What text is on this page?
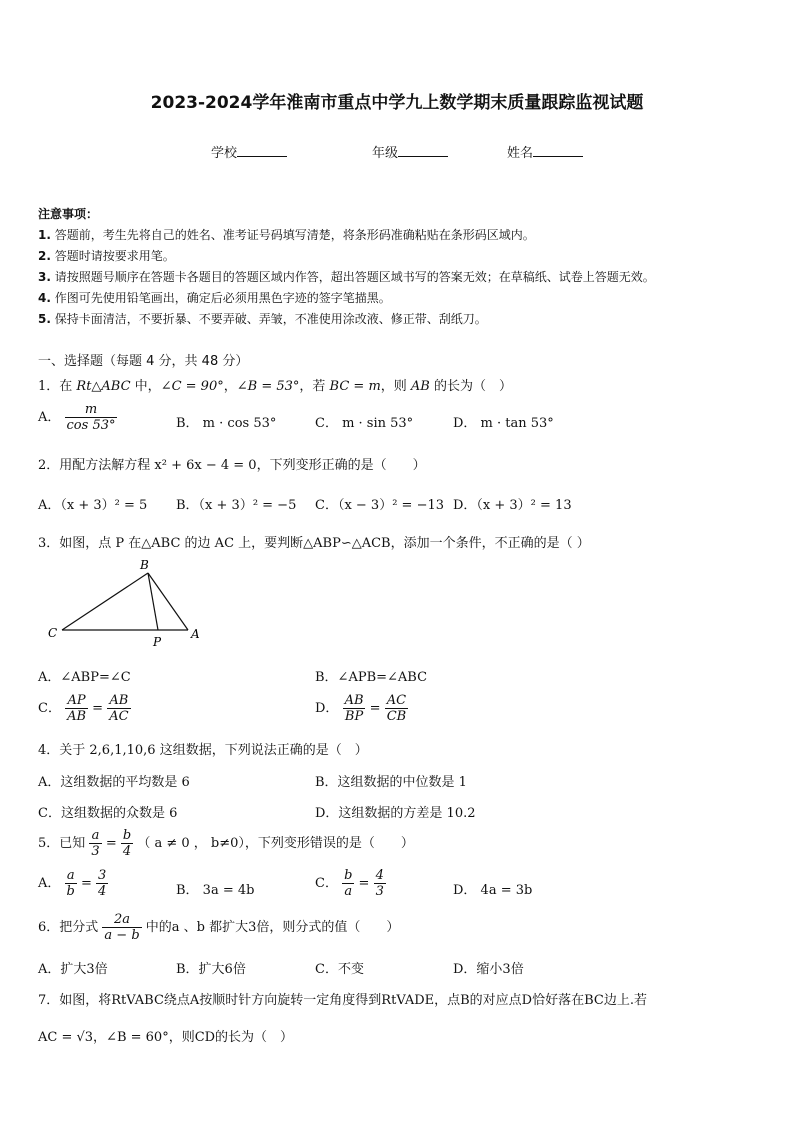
2023-2024学年淮南市重点中学九上数学期末质量跟踪监视试题
学校	年级	姓名
注意事项：
1. 答题前，考生先将自己的姓名、准考证号码填写清楚，将条形码准确粘贴在条形码区域内。
2. 答题时请按要求用笔。
3. 请按照题号顺序在答题卡各题目的答题区域内作答，超出答题区域书写的答案无效；在草稿纸、试卷上答题无效。
4. 作图可先使用铅笔画出，确定后必须用黑色字迹的签字笔描黑。
5. 保持卡面清洁，不要折暴、不要弄破、弄皱，不准使用涂改液、修正带、刮纸刀。
一、选择题（每题 4 分，共 48 分）
1．在 Rt△ABC 中，∠C = 90°，∠B = 53°，若 BC = m，则 AB 的长为（　）
A． $\frac{m}{\cos 53^\circ}$	B． m · cos 53°	C． m · sin 53°	D． m · tan 53°
2．用配方法解方程 x² + 6x − 4 = 0，下列变形正确的是（　　）
A．（x + 3）² = 5 B．（x + 3）² = −5 C．（x − 3）² = −13 D．（x + 3）² = 13
3．如图，点 P 在△ABC 的边 AC 上，要判断△ABP∽△ACB，添加一个条件，不正确的是（ ）
B
C
P
A
A．∠ABP=∠C	B．∠APB=∠ABC
C． $\frac{AP}{AB} = \frac{AB}{AC}$	D． $\frac{AB}{BP} = \frac{AC}{CB}$
4．关于 2,6,1,10,6 这组数据，下列说法正确的是（　）
A．这组数据的平均数是 6	B．这组数据的中位数是 1
C．这组数据的众数是 6	D．这组数据的方差是 10.2
5．已知 $\frac{a}{3} = \frac{b}{4}$ （ a ≠ 0 ， b≠0），下列变形错误的是（　　）
A． $\frac{a}{b} = \frac{3}{4}$	B． 3a = 4b	C． $\frac{b}{a} = \frac{4}{3}$	D． 4a = 3b
6．把分式 $\frac{2a}{a - b}$ 中的a 、b 都扩大3倍，则分式的值（　　）
A．扩大3倍	B．扩大6倍	C．不变	D．缩小3倍
7．如图，将RtVABC绕点A按顺时针方向旋转一定角度得到RtVADE，点B的对应点D恰好落在BC边上.若
AC = √3，∠B = 60°，则CD的长为（　）
